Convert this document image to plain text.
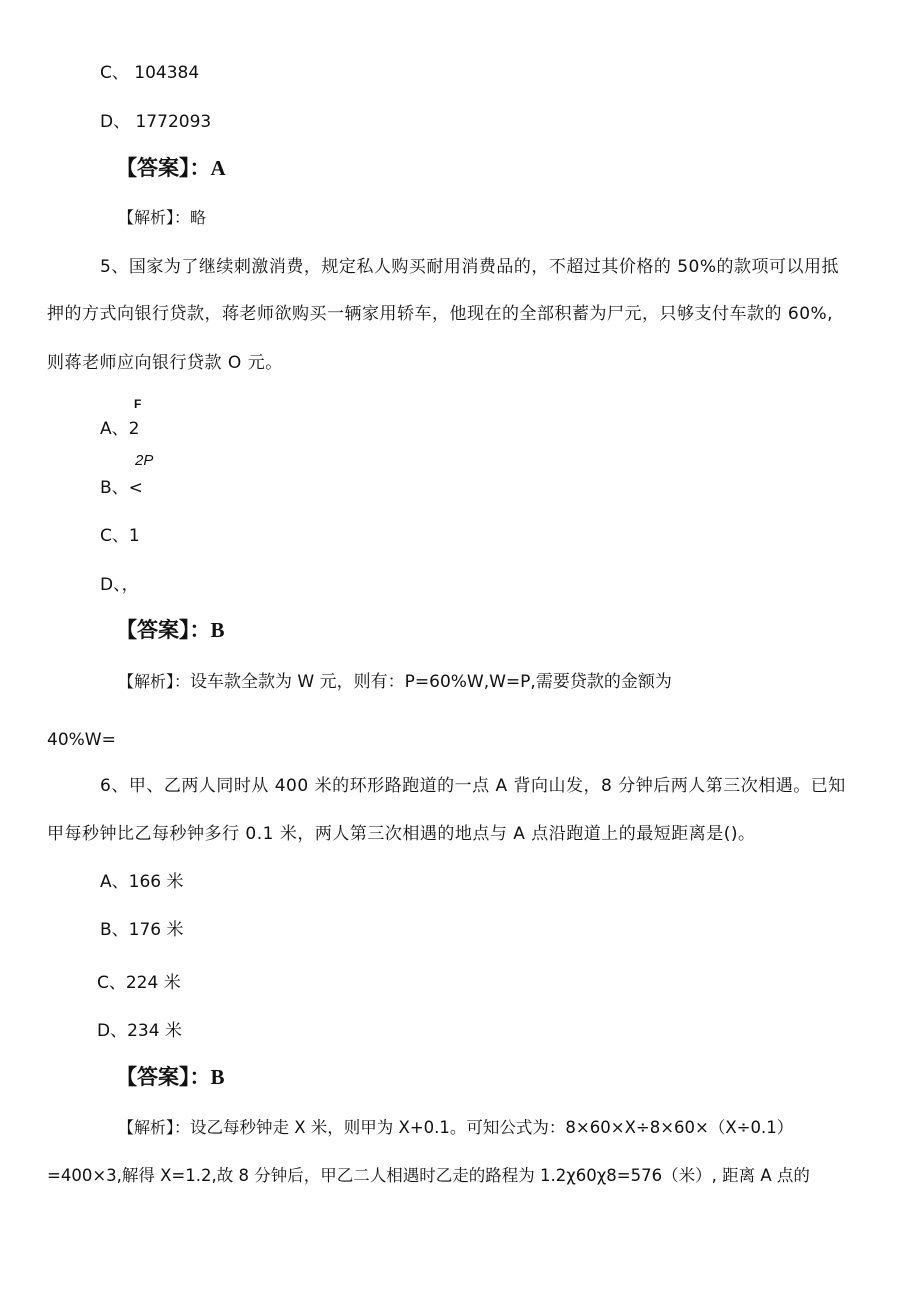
C、 104384
D、 1772093
【答案】：A
【解析】：略
5、国家为了继续刺激消费，规定私人购买耐用消费品的，不超过其价格的 50%的款项可以用抵
押的方式向银行贷款，蒋老师欲购买一辆家用轿车，他现在的全部积蓄为尸元，只够支付车款的 60%,
则蒋老师应向银行贷款 O 元。
F
A、2
2P
B、<
C、1
D、，
【答案】：B
【解析】：设车款全款为 W 元，则有：P=60%W,W=P,需要贷款的金额为
40%W=
6、甲、乙两人同时从 400 米的环形路跑道的一点 A 背向山发，8 分钟后两人第三次相遇。已知
甲每秒钟比乙每秒钟多行 0.1 米，两人第三次相遇的地点与 A 点沿跑道上的最短距离是()。
A、166 米
B、176 米
C、224 米
D、234 米
【答案】：B
【解析】：设乙每秒钟走 X 米，则甲为 X+0.1。可知公式为：8×60×X÷8×60×（X÷0.1）
=400×3,解得 X=1.2,故 8 分钟后，甲乙二人相遇时乙走的路程为 1.2χ60χ8=576（米）, 距离 A 点的
